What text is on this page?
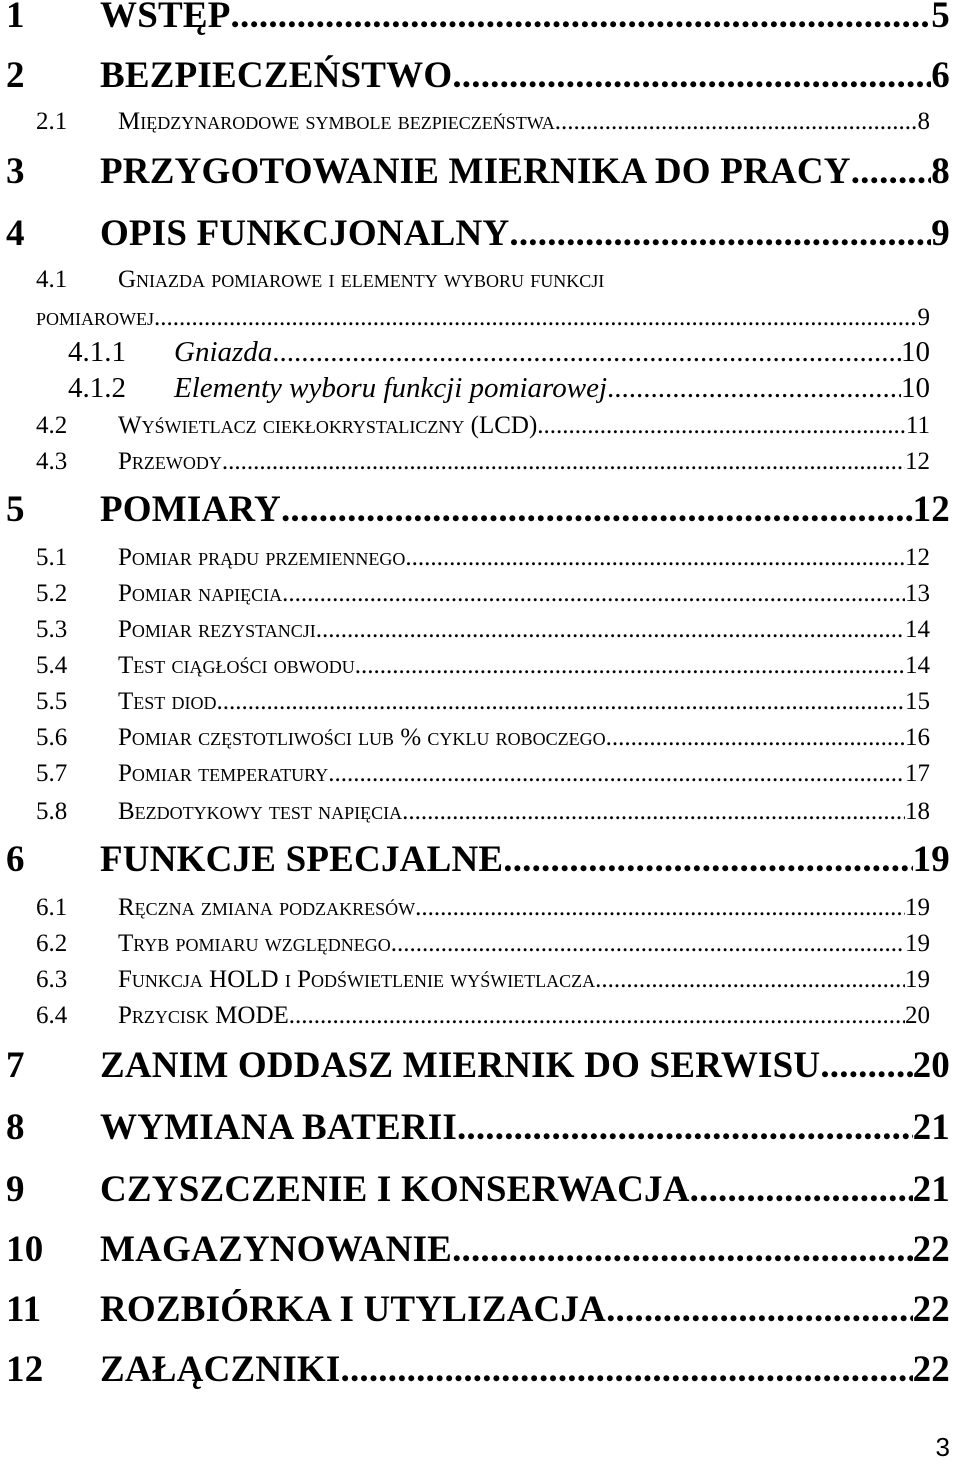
1	WSTĘP .....	5
2	BEZPIECZEŃSTWO .....	6
2.1	Międzynarodowe symbole bezpieczeństwa .....	8
3	PRZYGOTOWANIE MIERNIKA DO PRACY ..... 8
4	OPIS FUNKCJONALNY .....	9
4.1	Gniazda pomiarowe i elementy wyboru funkcji
pomiarowej .....	9
4.1.1	Gniazda .....	10
4.1.2	Elementy wyboru funkcji pomiarowej .....	10
4.2	Wyświetlacz ciekłokrystaliczny (LCD) .....	11
4.3	Przewody .....	12
5	POMIARY .....	12
5.1	Pomiar prądu przemiennego .....	12
5.2	Pomiar napięcia .....	13
5.3	Pomiar rezystancji .....	14
5.4	Test ciągłości obwodu .....	14
5.5	Test diod .....	15
5.6	Pomiar częstotliwości lub % cyklu roboczego .....	16
5.7	Pomiar temperatury .....	17
5.8	Bezdotykowy test napięcia .....	18
6	FUNKCJE SPECJALNE .....	19
6.1	Ręczna zmiana podzakresów .....	19
6.2	Tryb pomiaru względnego .....	19
6.3	Funkcja HOLD i Podświetlenie wyświetlacza .....	19
6.4	Przycisk MODE .....	20
7	ZANIM ODDASZ MIERNIK DO SERWISU ..... 20
8	WYMIANA BATERII .....	21
9	CZYSZCZENIE I KONSERWACJA .....	21
10	MAGAZYNOWANIE .....	22
11	ROZBIÓRKA I UTYLIZACJA .....	22
12	ZAŁĄCZNIKI .....	22
3
